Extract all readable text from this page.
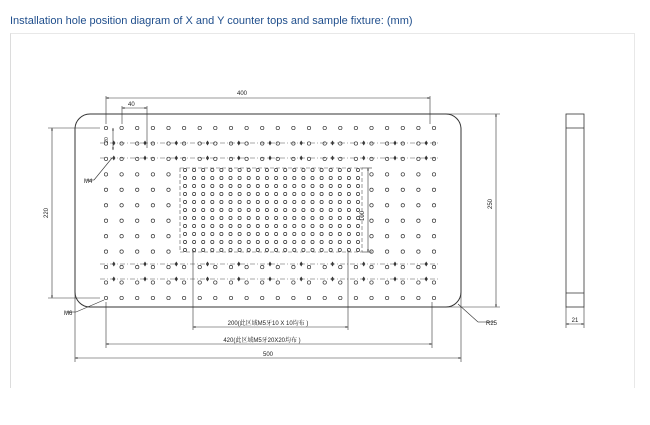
Installation hole position diagram of X and Y counter tops and sample fixture: (mm)
400
40
20
220
250
100
200(此区域M5牙10 X 10均布 )
420(此区域M5牙20X20均布 )
500
M4
M6
R25	21
